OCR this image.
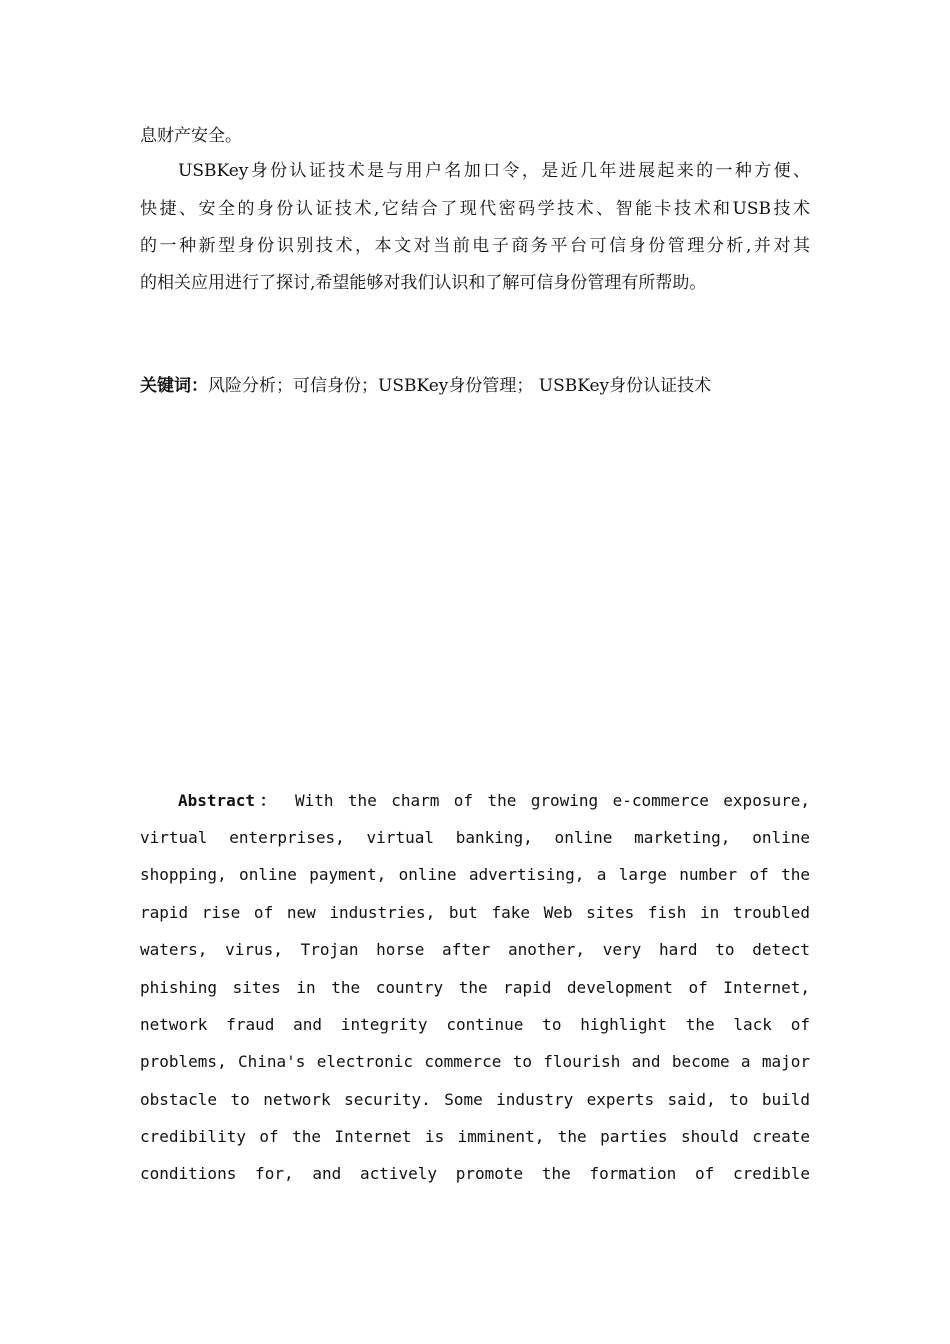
息财产安全。
USBKey身份认证技术是与用户名加口令，是近几年进展起来的一种方便、
快捷、安全的身份认证技术,它结合了现代密码学技术、智能卡技术和USB技术
的一种新型身份识别技术，本文对当前电子商务平台可信身份管理分析,并对其
的相关应用进行了探讨,希望能够对我们认识和了解可信身份管理有所帮助。
关键词：风险分析；可信身份；USBKey身份管理； USBKey身份认证技术
Abstract： With the charm of the growing e-commerce exposure,
virtual enterprises, virtual banking, online marketing, online
shopping, online payment, online advertising, a large number of the
rapid rise of new industries, but fake Web sites fish in troubled
waters, virus, Trojan horse after another, very hard to detect
phishing sites in the country the rapid development of Internet,
network fraud and integrity continue to highlight the lack of
problems, China's electronic commerce to flourish and become a major
obstacle to network security. Some industry experts said, to build
credibility of the Internet is imminent, the parties should create
conditions for, and actively promote the formation of credible
